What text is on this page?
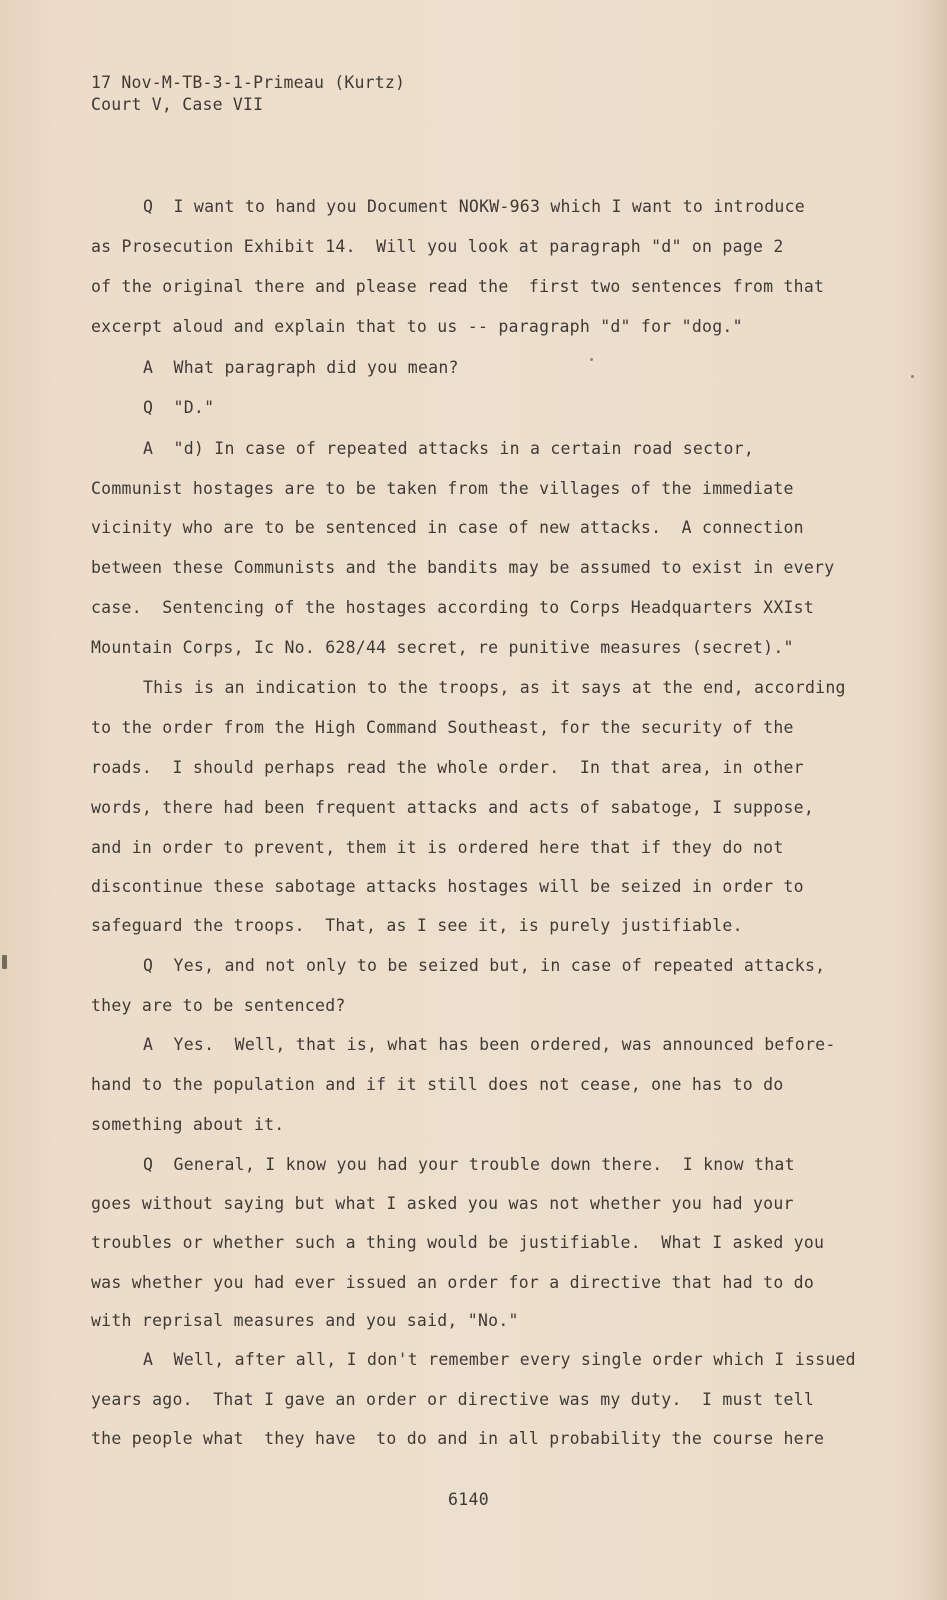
17 Nov-M-TB-3-1-Primeau (Kurtz)
Court V, Case VII
Q  I want to hand you Document NOKW-963 which I want to introduce
as Prosecution Exhibit 14.  Will you look at paragraph "d" on page 2
of the original there and please read the  first two sentences from that
excerpt aloud and explain that to us -- paragraph "d" for "dog."
A  What paragraph did you mean?
Q  "D."
A  "d) In case of repeated attacks in a certain road sector,
Communist hostages are to be taken from the villages of the immediate
vicinity who are to be sentenced in case of new attacks.  A connection
between these Communists and the bandits may be assumed to exist in every
case.  Sentencing of the hostages according to Corps Headquarters XXIst
Mountain Corps, Ic No. 628/44 secret, re punitive measures (secret)."
This is an indication to the troops, as it says at the end, according
to the order from the High Command Southeast, for the security of the
roads.  I should perhaps read the whole order.  In that area, in other
words, there had been frequent attacks and acts of sabatoge, I suppose,
and in order to prevent, them it is ordered here that if they do not
discontinue these sabotage attacks hostages will be seized in order to
safeguard the troops.  That, as I see it, is purely justifiable.
Q  Yes, and not only to be seized but, in case of repeated attacks,
they are to be sentenced?
A  Yes.  Well, that is, what has been ordered, was announced before-
hand to the population and if it still does not cease, one has to do
something about it.
Q  General, I know you had your trouble down there.  I know that
goes without saying but what I asked you was not whether you had your
troubles or whether such a thing would be justifiable.  What I asked you
was whether you had ever issued an order for a directive that had to do
with reprisal measures and you said, "No."
A  Well, after all, I don't remember every single order which I issued
years ago.  That I gave an order or directive was my duty.  I must tell
the people what  they have  to do and in all probability the course here
6140
